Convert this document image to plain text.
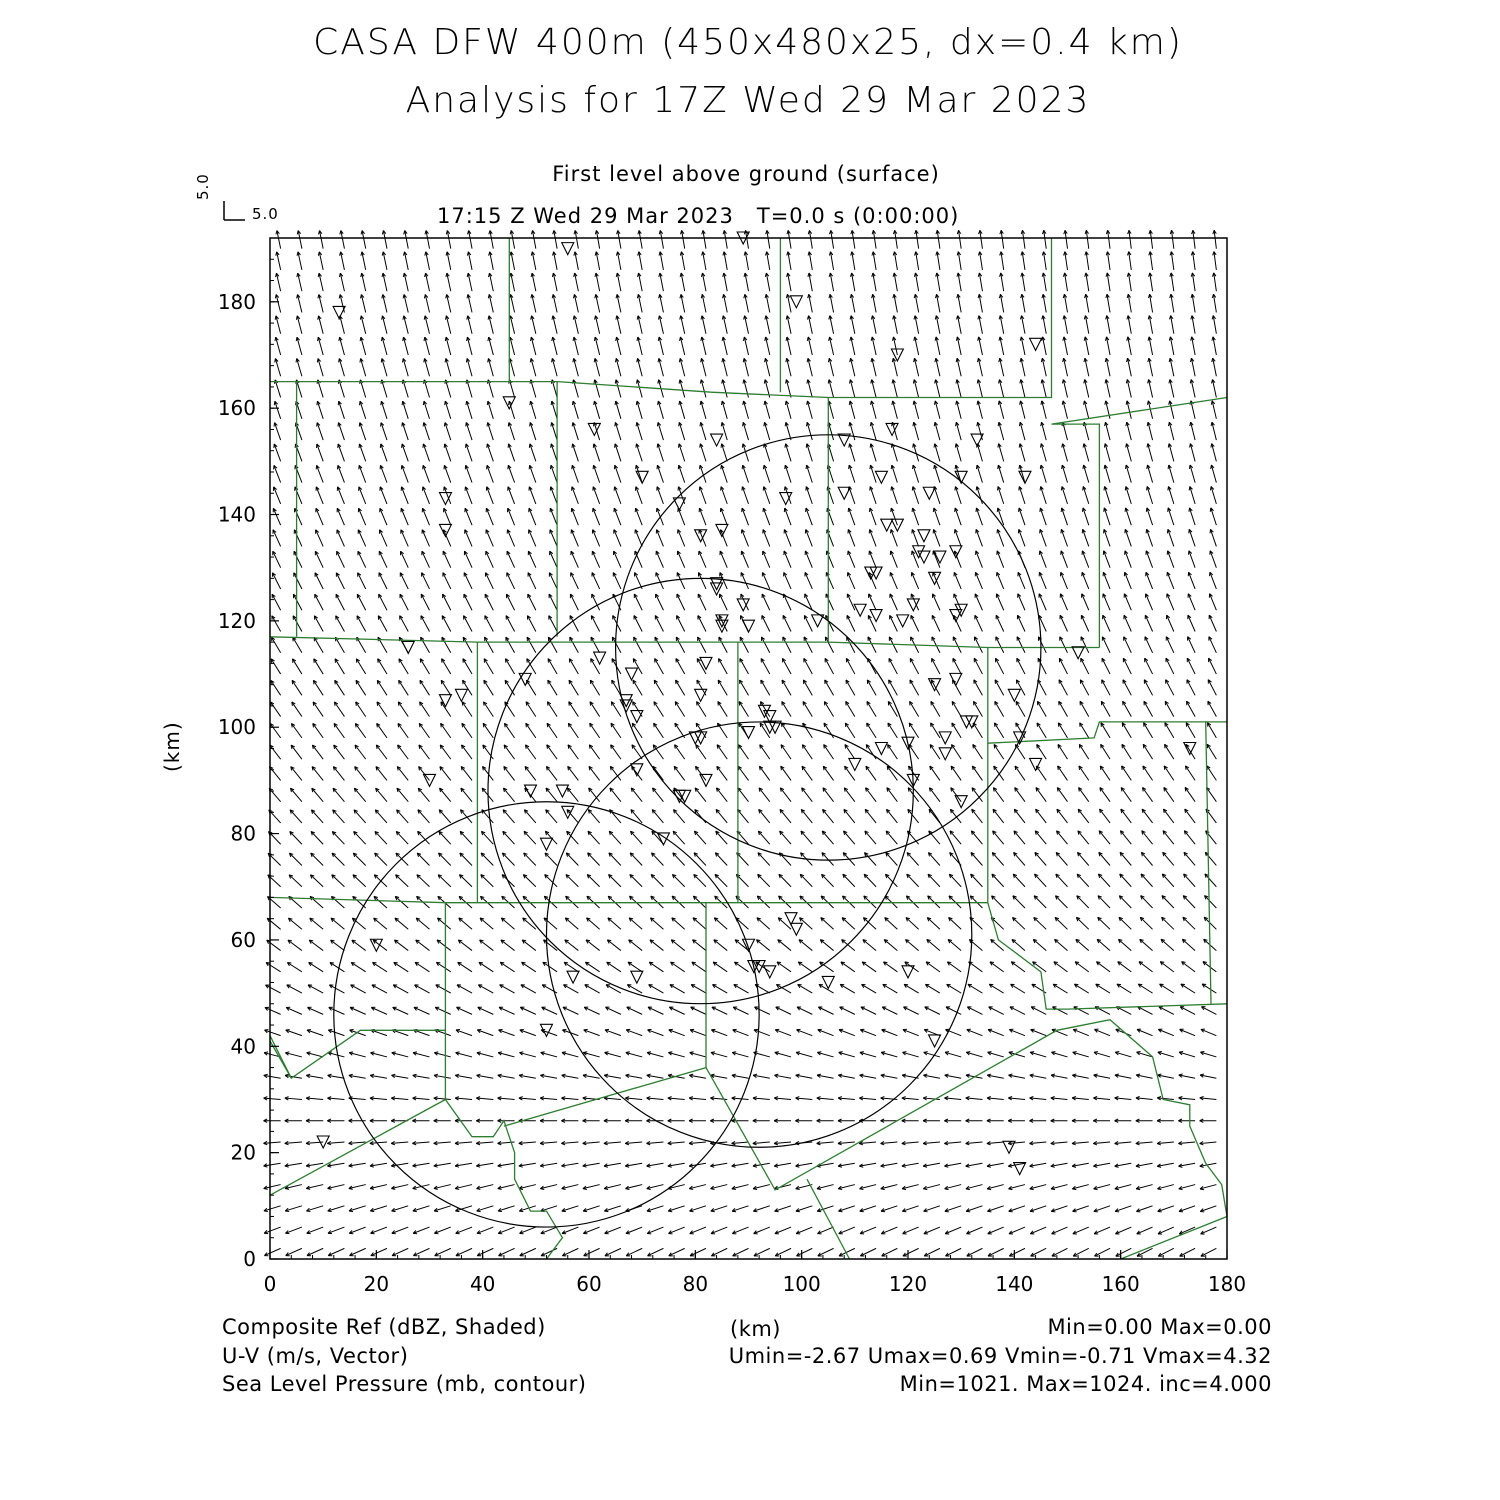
0	20	40	60	80	100	120	140	160	180
0
20
40
60
80
100
120
140
160
180
CASA DFW 400m (450x480x25, dx=0.4 km)
Analysis for 17Z Wed 29 Mar 2023
First level above ground (surface)
17:15 Z Wed 29 Mar 2023   T=0.0 s (0:00:00)
5.0
5.0
(km)
(km)
Composite Ref (dBZ, Shaded)	Min=0.00 Max=0.00
U-V (m/s, Vector)	Umin=-2.67 Umax=0.69 Vmin=-0.71 Vmax=4.32
Sea Level Pressure (mb, contour)	Min=1021. Max=1024. inc=4.000
